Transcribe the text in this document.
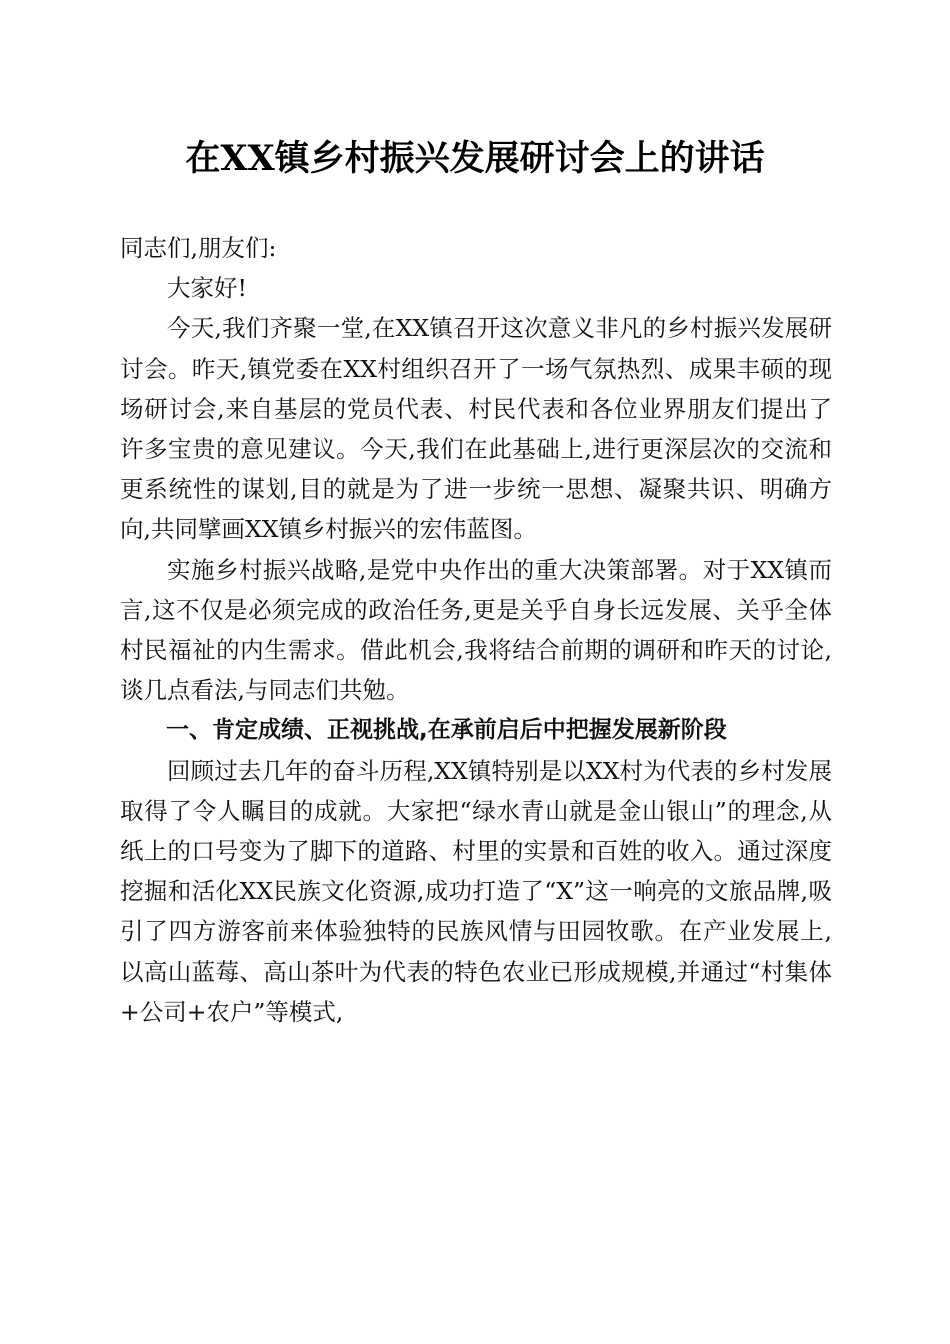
在XX镇乡村振兴发展研讨会上的讲话

同志们,朋友们:

大家好!

今天,我们齐聚一堂,在XX镇召开这次意义非凡的乡村振兴发展研讨会。昨天,镇党委在XX村组织召开了一场气氛热烈、成果丰硕的现场研讨会,来自基层的党员代表、村民代表和各位业界朋友们提出了许多宝贵的意见建议。今天,我们在此基础上,进行更深层次的交流和更系统性的谋划,目的就是为了进一步统一思想、凝聚共识、明确方向,共同擘画XX镇乡村振兴的宏伟蓝图。

实施乡村振兴战略,是党中央作出的重大决策部署。对于XX镇而言,这不仅是必须完成的政治任务,更是关乎自身长远发展、关乎全体村民福祉的内生需求。借此机会,我将结合前期的调研和昨天的讨论,谈几点看法,与同志们共勉。

一、肯定成绩、正视挑战,在承前启后中把握发展新阶段

回顾过去几年的奋斗历程,XX镇特别是以XX村为代表的乡村发展取得了令人瞩目的成就。大家把“绿水青山就是金山银山”的理念,从纸上的口号变为了脚下的道路、村里的实景和百姓的收入。通过深度挖掘和活化XX民族文化资源,成功打造了“X”这一响亮的文旅品牌,吸引了四方游客前来体验独特的民族风情与田园牧歌。在产业发展上,以高山蓝莓、高山茶叶为代表的特色农业已形成规模,并通过“村集体+公司+农户”等模式,
